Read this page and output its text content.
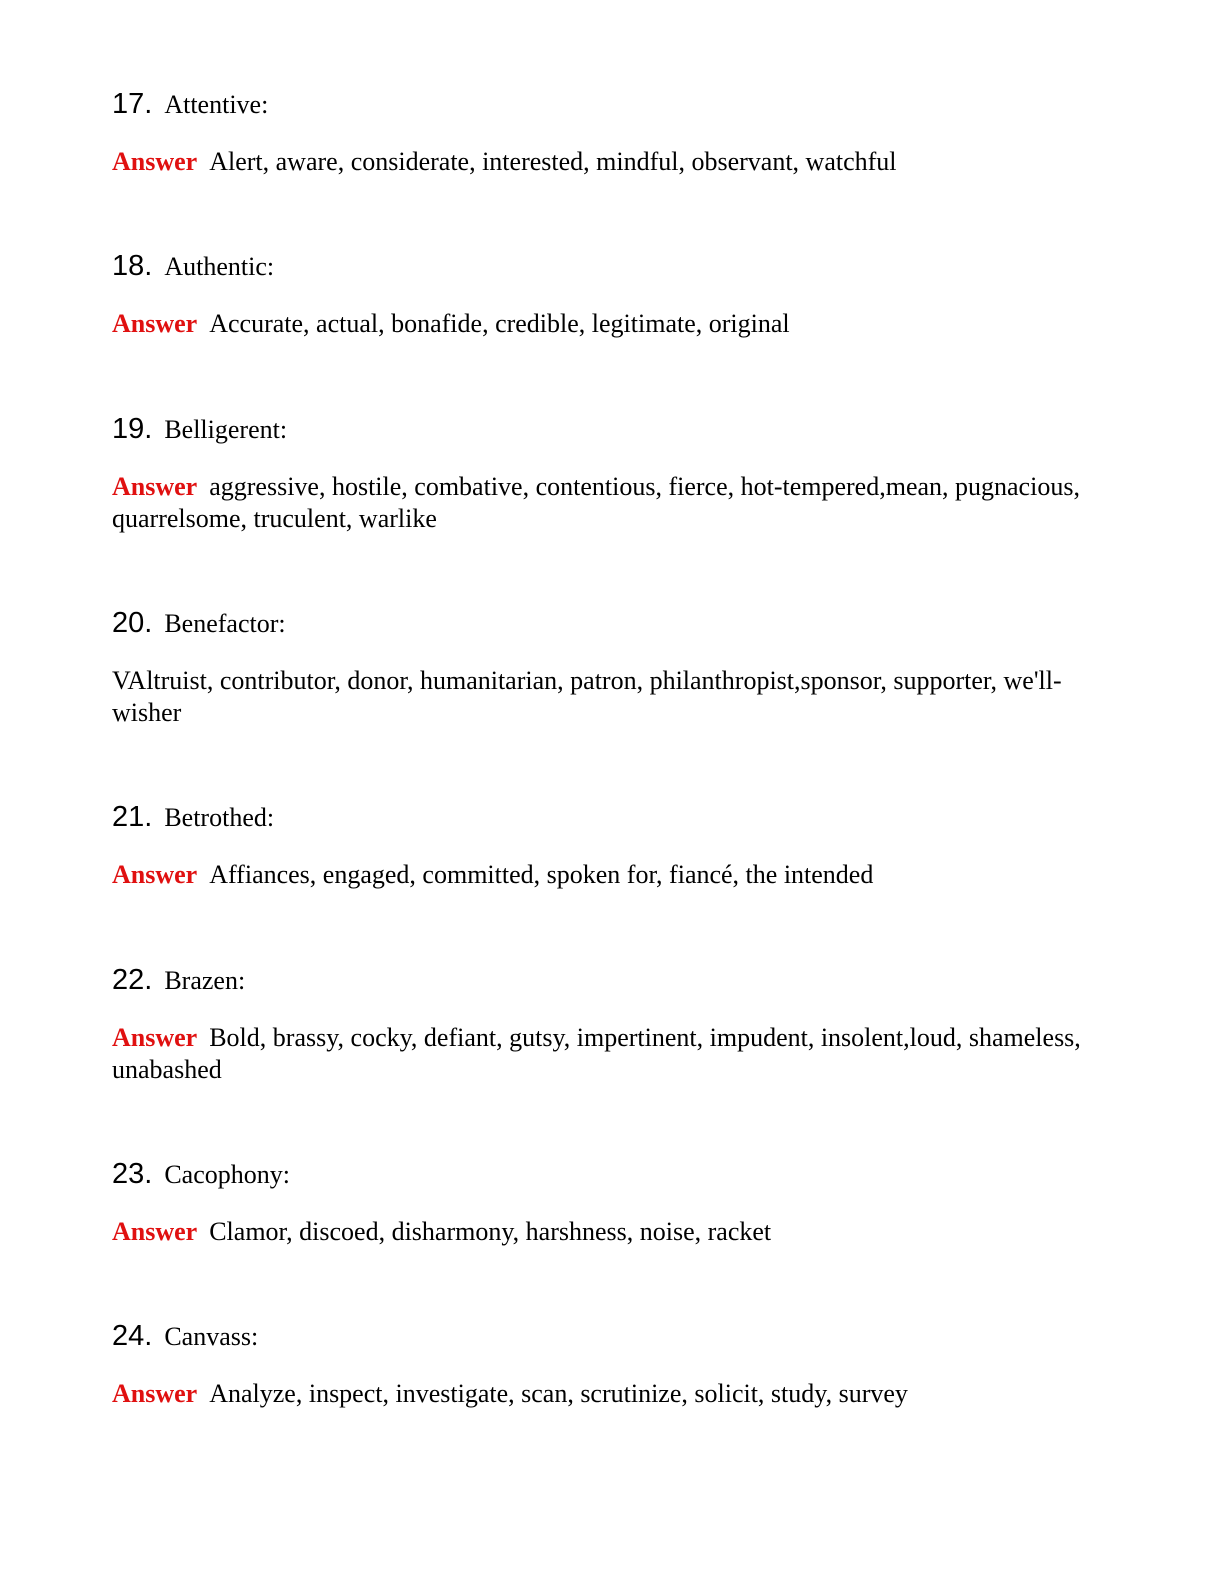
17. Attentive:
Answer Alert, aware, considerate, interested, mindful, observant, watchful
18. Authentic:
Answer Accurate, actual, bonafide, credible, legitimate, original
19. Belligerent:
Answer aggressive, hostile, combative, contentious, fierce, hot-tempered,mean, pugnacious, quarrelsome, truculent, warlike
20. Benefactor:
VAltruist, contributor, donor, humanitarian, patron, philanthropist,sponsor, supporter, we'll-wisher
21. Betrothed:
Answer Affiances, engaged, committed, spoken for, fiancé, the intended
22. Brazen:
Answer Bold, brassy, cocky, defiant, gutsy, impertinent, impudent, insolent,loud, shameless, unabashed
23. Cacophony:
Answer Clamor, discoed, disharmony, harshness, noise, racket
24. Canvass:
Answer Analyze, inspect, investigate, scan, scrutinize, solicit, study, survey
